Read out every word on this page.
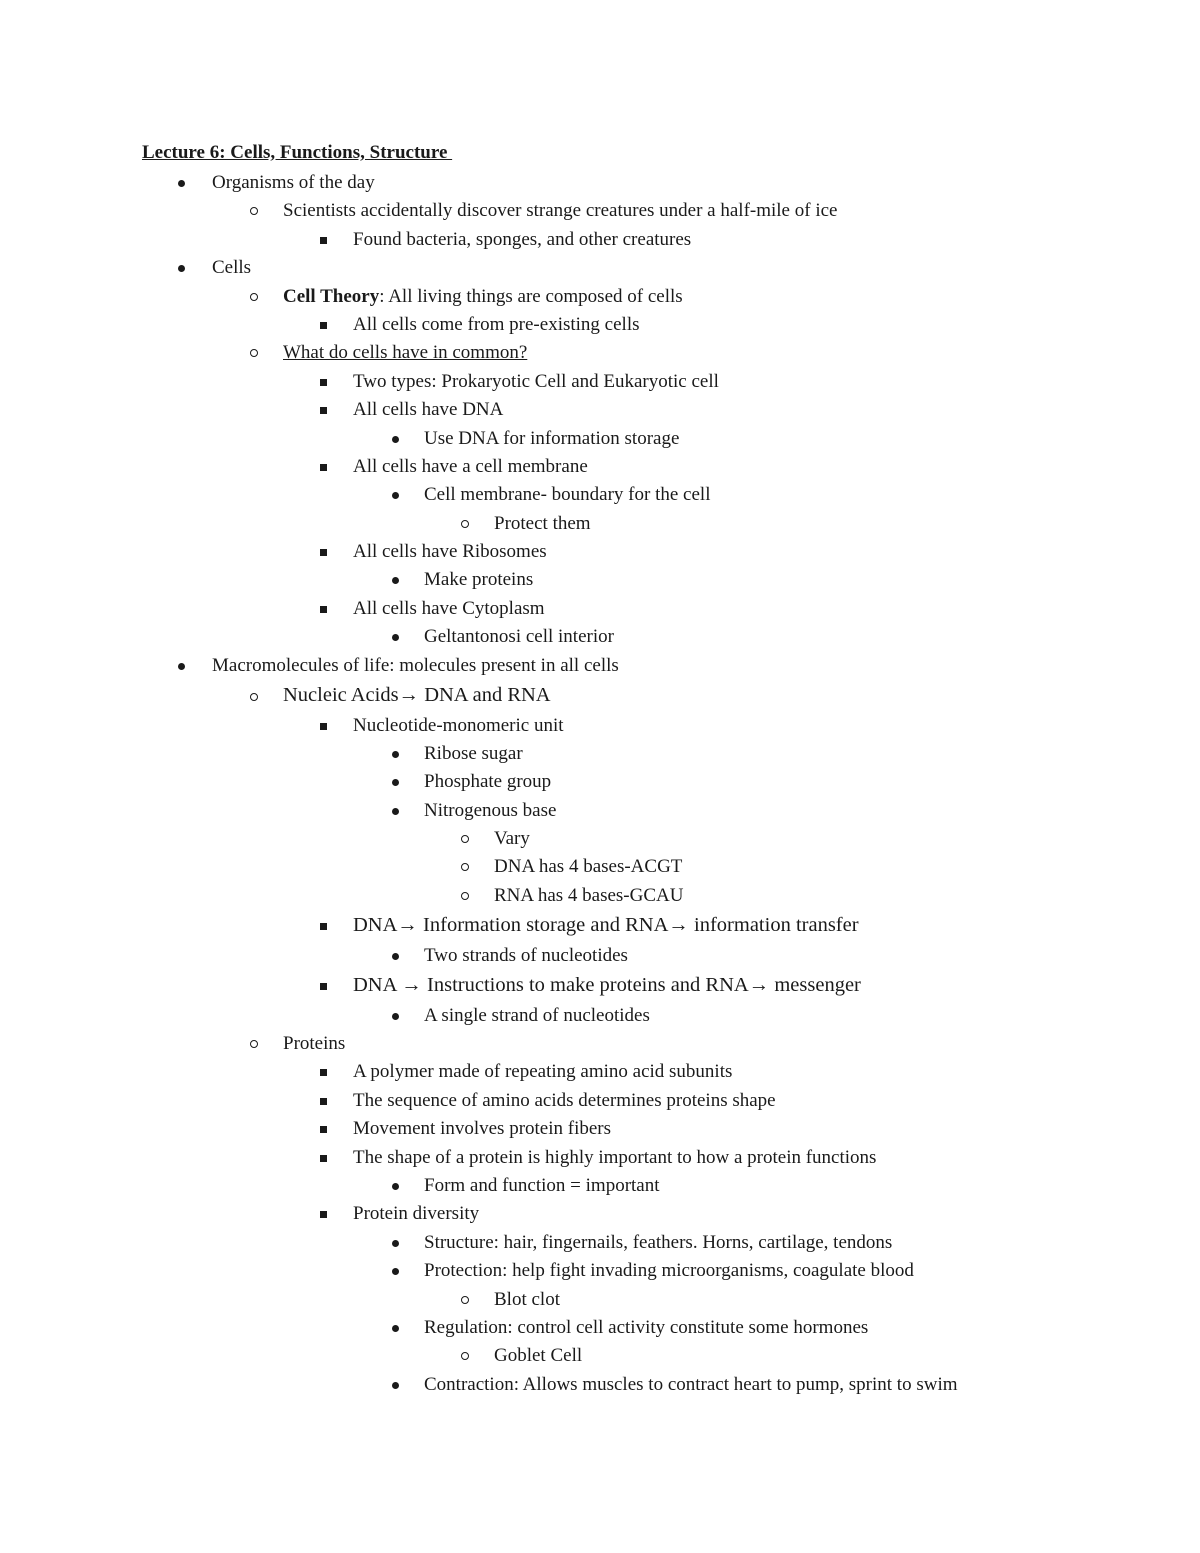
Lecture 6: Cells, Functions, Structure
Organisms of the day
Scientists accidentally discover strange creatures under a half-mile of ice
Found bacteria, sponges, and other creatures
Cells
Cell Theory: All living things are composed of cells
All cells come from pre-existing cells
What do cells have in common?
Two types: Prokaryotic Cell and Eukaryotic cell
All cells have DNA
Use DNA for information storage
All cells have a cell membrane
Cell membrane- boundary for the cell
Protect them
All cells have Ribosomes
Make proteins
All cells have Cytoplasm
Geltantonosi cell interior
Macromolecules of life: molecules present in all cells
Nucleic Acids→ DNA and RNA
Nucleotide-monomeric unit
Ribose sugar
Phosphate group
Nitrogenous base
Vary
DNA has 4 bases-ACGT
RNA has 4 bases-GCAU
DNA→ Information storage and RNA→ information transfer
Two strands of nucleotides
DNA → Instructions to make proteins and RNA→ messenger
A single strand of nucleotides
Proteins
A polymer made of repeating amino acid subunits
The sequence of amino acids determines proteins shape
Movement involves protein fibers
The shape of a protein is highly important to how a protein functions
Form and function = important
Protein diversity
Structure: hair, fingernails, feathers. Horns, cartilage, tendons
Protection: help fight invading microorganisms, coagulate blood
Blot clot
Regulation: control cell activity constitute some hormones
Goblet Cell
Contraction: Allows muscles to contract heart to pump, sprint to swim
